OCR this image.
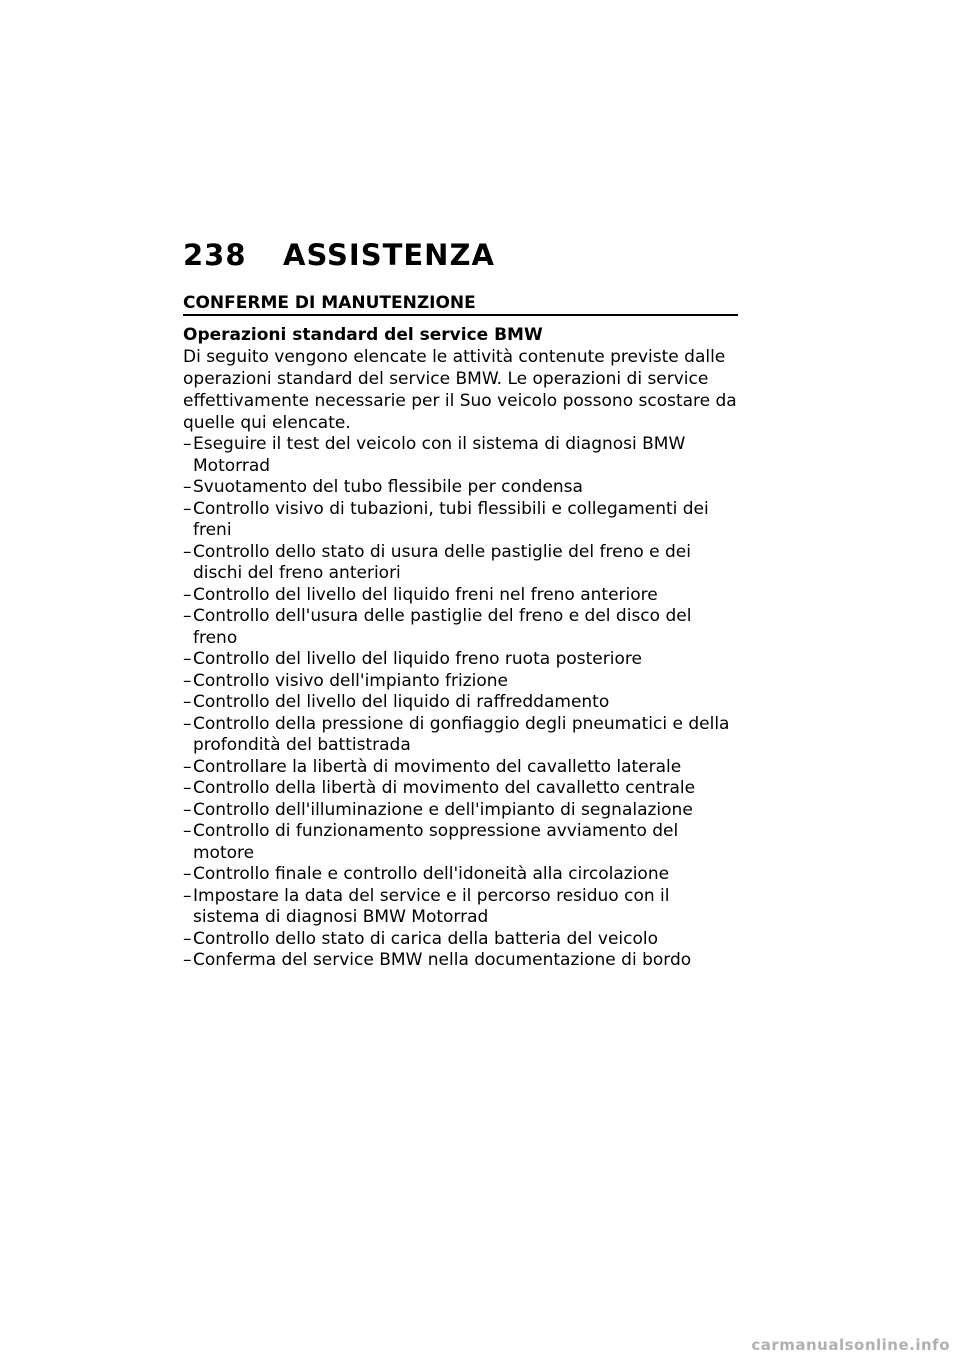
238	ASSISTENZA
CONFERME DI MANUTENZIONE
Operazioni standard del service BMW

Di seguito vengono elencate le attività contenute previste dalle operazioni standard del service BMW. Le operazioni di service effettivamente necessarie per il Suo veicolo possono scostare da quelle qui elencate.

– Eseguire il test del veicolo con il sistema di diagnosi BMW Motorrad
– Svuotamento del tubo flessibile per condensa
– Controllo visivo di tubazioni, tubi flessibili e collegamenti dei freni
– Controllo dello stato di usura delle pastiglie del freno e dei dischi del freno anteriori
– Controllo del livello del liquido freni nel freno anteriore
– Controllo dell'usura delle pastiglie del freno e del disco del freno
– Controllo del livello del liquido freno ruota posteriore
– Controllo visivo dell'impianto frizione
– Controllo del livello del liquido di raffreddamento
– Controllo della pressione di gonfiaggio degli pneumatici e della profondità del battistrada
– Controllare la libertà di movimento del cavalletto laterale
– Controllo della libertà di movimento del cavalletto centrale
– Controllo dell'illuminazione e dell'impianto di segnalazione
– Controllo di funzionamento soppressione avviamento del motore
– Controllo finale e controllo dell'idoneità alla circolazione
– Impostare la data del service e il percorso residuo con il sistema di diagnosi BMW Motorrad
– Controllo dello stato di carica della batteria del veicolo
– Conferma del service BMW nella documentazione di bordo
carmanualsonline.info
